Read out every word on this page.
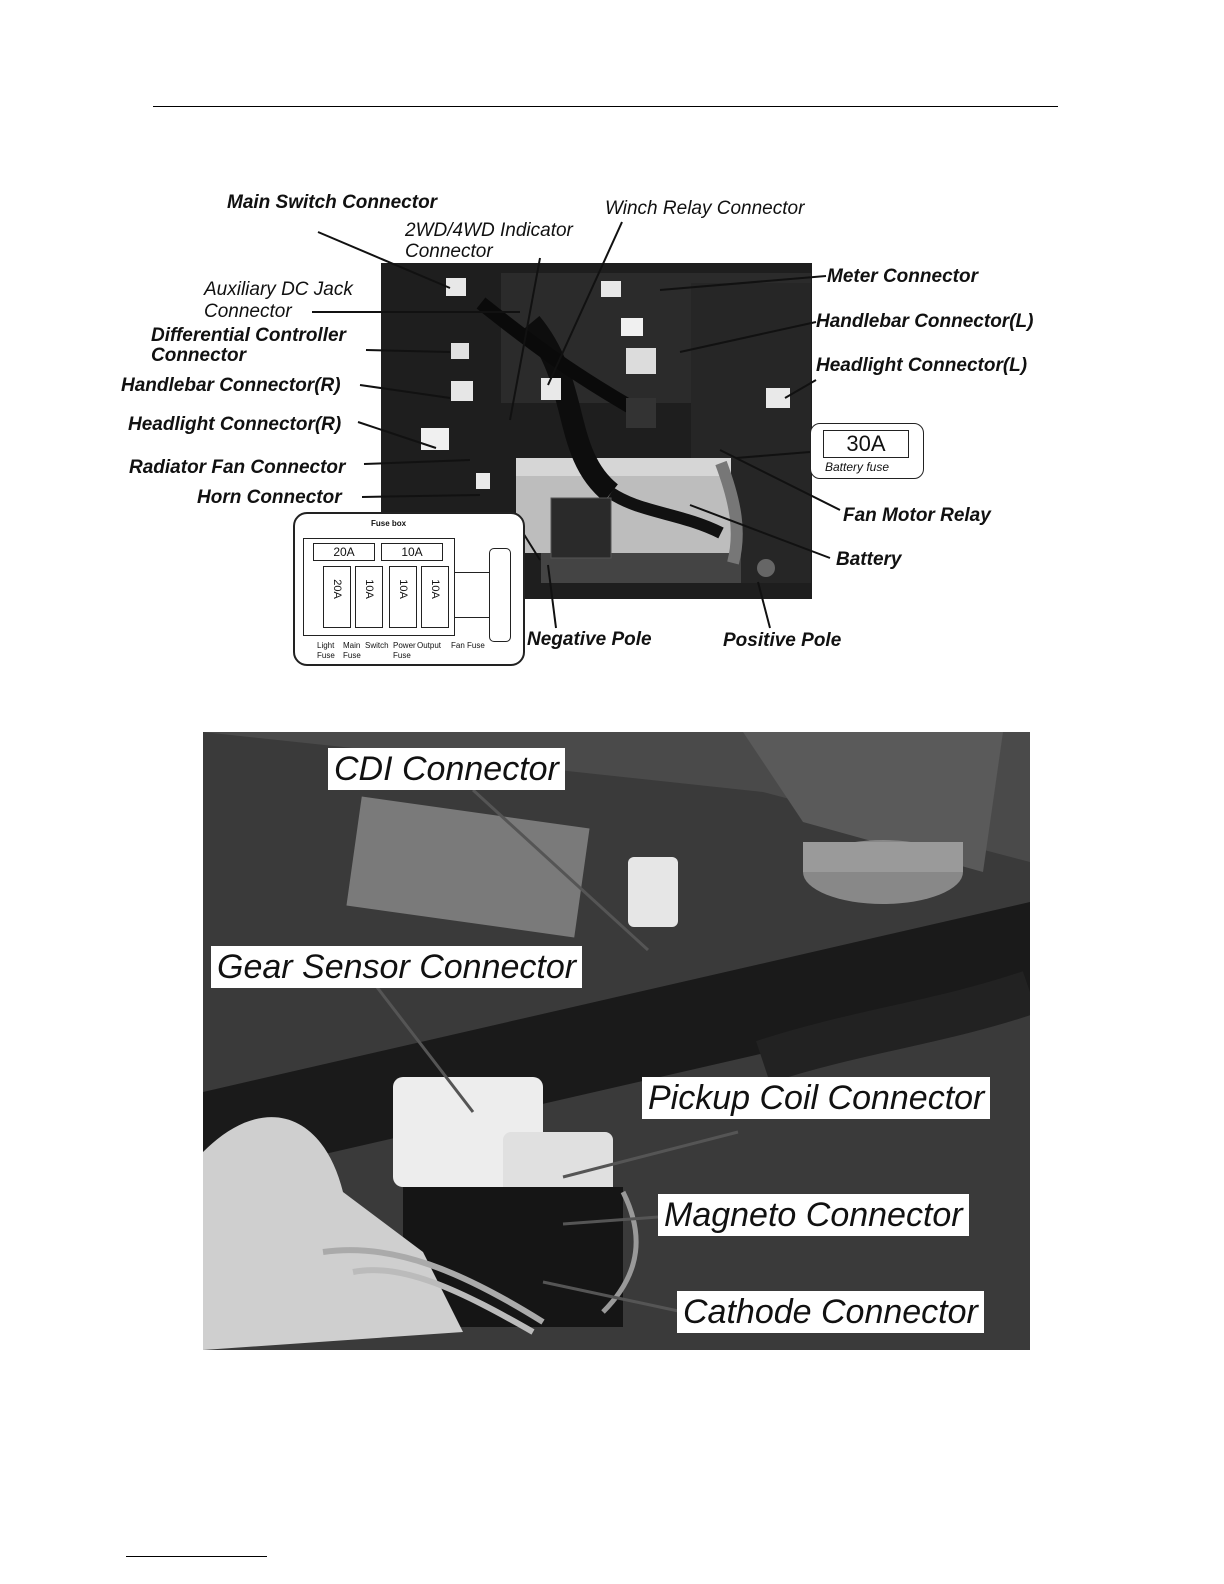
Main Switch Connector
2WD/4WD Indicator
Connector
Winch Relay Connector
Auxiliary DC Jack
Connector
Differential Controller
Connector
Handlebar Connector(R)
Headlight Connector(R)
Radiator Fan Connector
Horn Connector
Meter Connector
Handlebar Connector(L)
Headlight Connector(L)
Fan Motor Relay
Battery
Negative Pole	Positive Pole
30A
Battery fuse
Fuse box
20A	10A
20A 10A 10A 10A
Light
Fuse
Main
Fuse
Switch Power
Fuse
Output Fan Fuse
CDI Connector
Gear Sensor Connector
Pickup Coil Connector
Magneto Connector
Cathode Connector
